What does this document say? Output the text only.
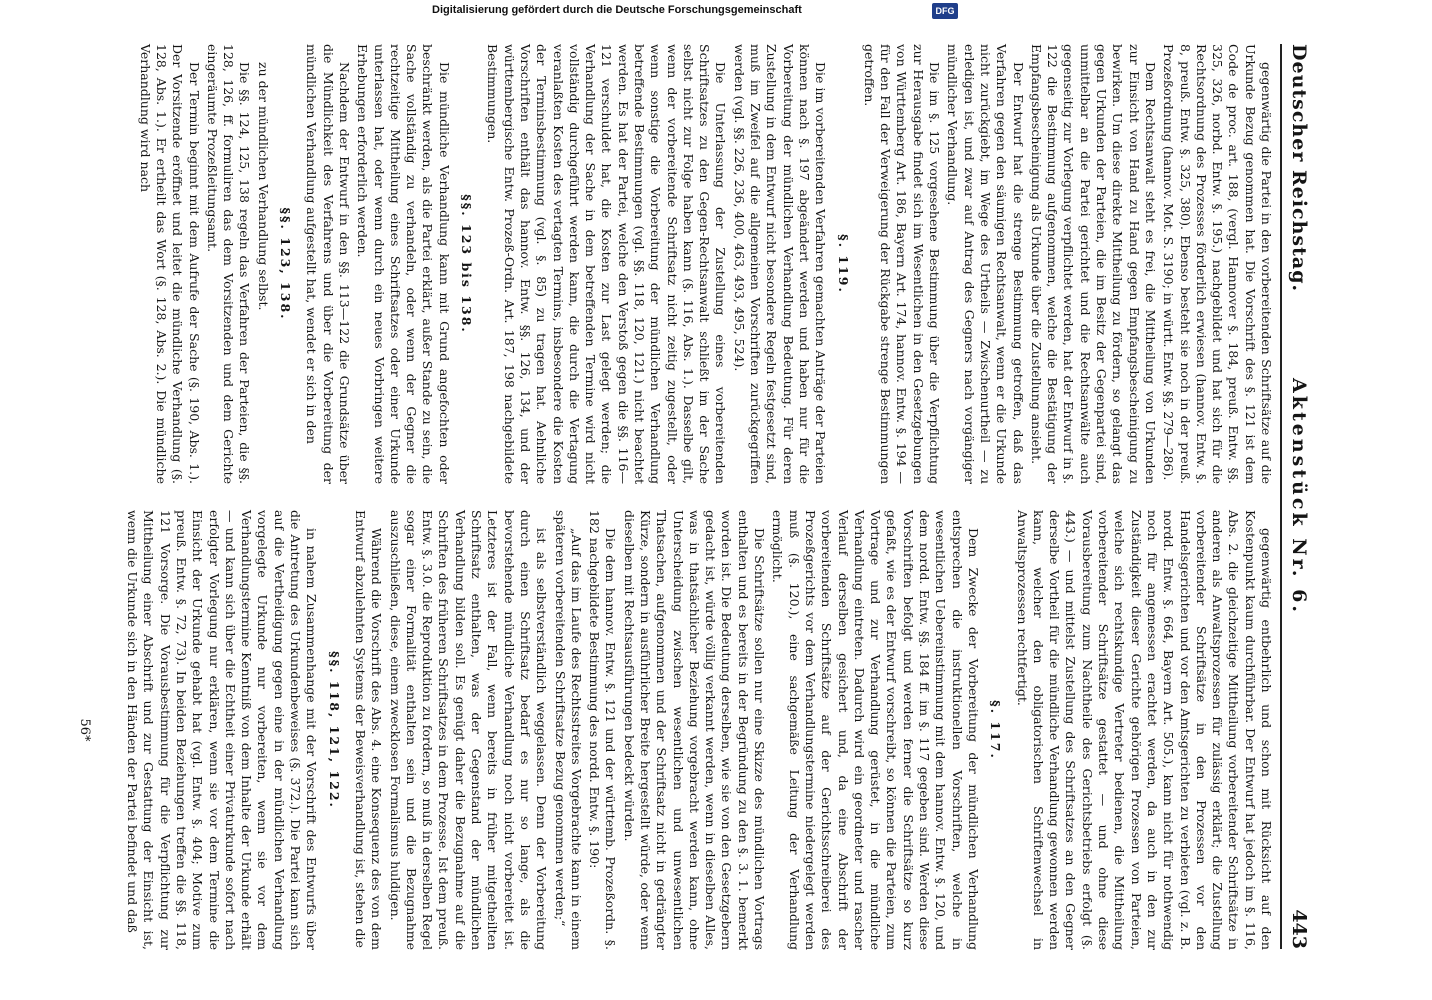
Deutscher Reichstag.
Aktenstück Nr. 6.
443

gegenwärtig die Partei in den vorbereitenden Schriftsätze auf die Urkunde Bezug genommen hat. Die Vorschrift des §. 121 ist dem Code de proc. art. 188, (vergl. Hannover §. 184, preuß. Entw. §§. 325, 326, norbd. Entw. §. 195.) nachgebildet und hat sich für die Rechtsordnung des Prozesses förderlich erwiesen (hannov. Entw. §. 8, preuß. Entw. §. 325, 380). Ebenso besteht sie noch in der preuß. Prozeßordnung (hannov. Mot. S. 3190; in württ. Entw. §§. 279—286).

Dem Rechtsanwalt steht es frei, die Mittheilung von Urkunden zur Einsicht von Hand zu Hand gegen Empfangsbescheinigung zu bewirken. Um diese direkte Mittheilung zu fördern, so gelangt das gegen Urkunden der Parteien, die im Besitz der Gegenpartei sind, unmittelbar an die Partei gerichtet und die Rechtsanwälte auch gegenseitig zur Vorlegung verpflichtet werden, hat der Entwurf in §. 122 die Bestimmung aufgenommen, welche die Bestätigung der Empfangsbescheinigung als Urkunde über die Zustellung ansieht.

Der Entwurf hat die strenge Bestimmung getroffen, daß das Verfahren gegen den säumigen Rechtsanwalt, wenn er die Urkunde nicht zurückgiebt, im Wege des Urtheils — Zwischenurtheil — zu erledigen ist, und zwar auf Antrag des Gegners nach vorgängiger mündlicher Verhandlung.

Die im §. 125 vorgesehene Bestimmung über die Verpflichtung zur Herausgabe findet sich im Wesentlichen in den Gesetzgebungen von Württemberg Art. 186, Bayern Art. 174, hannov. Entw. §. 194 — für den Fall der Verweigerung der Rückgabe strenge Bestimmungen getroffen.

§. 119.

Die im vorbereitenden Verfahren gemachten Anträge der Parteien können nach §. 197 abgeändert werden und haben nur für die Vorbereitung der mündlichen Verhandlung Bedeutung. Für deren Zustellung in dem Entwurf nicht besondere Regeln festgesetzt sind, muß im Zweifel auf die allgemeinen Vorschriften zurückgegriffen werden (vgl. §§. 226, 236, 400, 463, 493, 495, 524).

Die Unterlassung der Zustellung eines vorbereitenden Schriftsatzes zu den Gegen-Rechtsanwalt schließt im der Sache selbst nicht zur Folge haben kann (§. 116, Abs. 1.). Dasselbe gilt, wenn der vorbereitende Schriftsatz nicht zeitig zugestellt, oder wenn sonstige die Vorbereitung der mündlichen Verhandlung betreffende Bestimmungen (vgl. §§. 118, 120, 121.) nicht beachtet werden. Es hat der Partei, welche den Verstoß gegen die §§. 116—121 verschuldet hat, die Kosten zur Last gelegt werden; die Verhandlung der Sache in dem betreffenden Termine wird nicht vollständig durchgeführt werden kann, die durch die Vertagung veranlaßten Kosten des vertagten Termins, insbesondere die Kosten der Terminsbestimmung (vgl. §. 85) zu tragen hat. Aehnliche Vorschriften enthält das hannov. Entw. §§. 126, 134, und der württembergische Entw. Prozeß-Ordn. Art. 187, 198 nachgebildete Bestimmungen.

§§. 123 bis 138.

Die mündliche Verhandlung kann mit Grund angefochten oder beschränkt werden, als die Partei erklärt, außer Stande zu sein, die Sache vollständig zu verhandeln, oder wenn der Gegner die rechtzeitige Mittheilung eines Schriftsatzes oder einer Urkunde unterlassen hat, oder wenn durch ein neues Vorbringen weitere Erhebungen erforderlich werden.

Nachdem der Entwurf in den §§. 113—122 die Grundsätze über die Mündlichkeit des Verfahrens und über die Vorbereitung der mündlichen Verhandlung aufgestellt hat, wendet er sich in den

§§. 123, 138.

zu der mündlichen Verhandlung selbst.

Die §§. 124, 125, 138 regeln das Verfahren der Parteien, die §§. 128, 126, ff. formuliren das dem Vorsitzenden und dem Gerichte eingeräumte Prozeßleitungsamt.

Der Termin beginnt mit dem Aufrufe der Sache (§. 190, Abs. 1.). Der Vorsitzende eröffnet und leitet die mündliche Verhandlung (§. 128, Abs. 1.). Er ertheilt das Wort (§. 128, Abs. 2.). Die mündliche Verhandlung wird nach

gegenwärtig entbehrlich und schon mit Rücksicht auf den Kostenpunkt kaum durchführbar. Der Entwurf hat jedoch im §. 116, Abs. 2. die gleichzeitige Mittheilung vorbereitender Schriftsätze in anderen als Anwaltsprozessen für zulässig erklärt; die Zustellung vorbereitender Schriftsätze in den Prozessen vor den Handelsgerichten und vor den Amtsgerichten zu verbieten (vgl. z. B. nordd. Entw. §. 664, Bayern Art. 505.), kann nicht für nothwendig noch für angemessen erachtet werden, da auch in den zur Zuständigkeit dieser Gerichte gehörigen Prozessen von Parteien, welche sich rechtskundige Vertreter bedienen, die Mittheilung vorbereitender Schriftsätze gestattet — und ohne diese Vorausbereitung zum Nachtheile des Gerichtsbetriebs erfolgt (§. 443.) — und mittelst Zustellung des Schriftsatzes an den Gegner derselbe Vortheil für die mündliche Verhandlung gewonnen werden kann, welcher den obligatorischen Schriftenwechsel in Anwaltsprozessen rechtfertigt.

§. 117.

Dem Zwecke der Vorbereitung der mündlichen Verhandlung entsprechen die instruktionellen Vorschriften, welche in wesentlichen Uebereinstimmung mit dem hannov. Entw. §. 120, und dem nordd. Entw. §§. 184 ff. im §. 117 gegeben sind. Werden diese Vorschriften befolgt und werden ferner die Schriftsätze so kurz gefaßt, wie es der Entwurf vorschreibt, so können die Parteien, zum Vortrage und zur Verhandlung gerüstet, in die mündliche Verhandlung eintreten. Dadurch wird ein geordneter und rascher Verlauf derselben gesichert und, da eine Abschrift der vorbereitenden Schriftsätze auf der Gerichtsschreiberei des Prozeßgerichts vor dem Verhandlungstermine niedergelegt werden muß (§. 120.), eine sachgemäße Leitung der Verhandlung ermöglicht.

Die Schriftsätze sollen nur eine Skizze des mündlichen Vortrags enthalten und es bereits in der Begründung zu den §. 3. 1. bemerkt worden ist. Die Bedeutung derselben, wie sie von den Gesetzgebern gedacht ist, würde völlig verkannt werden, wenn in dieselben Alles, was in thatsächlicher Beziehung vorgebracht werden kann, ohne Unterscheidung zwischen wesentlichen und unwesentlichen Thatsachen, aufgenommen und der Schriftsatz nicht in gedrängter Kürze, sondern in ausführlicher Breite hergestellt würde, oder wenn dieselben mit Rechtsausführungen bedeckt würden.

Die dem hannov. Entw. §. 121 und der württemb. Prozeßordn. §. 182 nachgebildete Bestimmung des nordd. Entw. §. 190:

„Auf das im Laufe des Rechtsstreites Vorgebrachte kann in einem späteren vorbereitenden Schriftsatze Bezug genommen werden;“

ist als selbstverständlich weggelassen. Denn der Vorbereitung durch einen Schriftsatz bedarf es nur so lange, als die bevorstehende mündliche Verhandlung noch nicht vorbereitet ist. Letzteres ist der Fall, wenn bereits in früher mitgetheilten Schriftsatz enthalten, was der Gegenstand der mündlichen Verhandlung bilden soll. Es genügt daher die Bezugnahme auf die Schriften des früheren Schriftsatzes in dem Prozesse. Ist dem preuß. Entw. §. 3.0. die Reproduktion zu fordern, so muß in derselben Regel sogar einer Formalität enthalten sein und die Bezugnahme auszuschließen, diese, einem zwecklosen Formalismus huldigen.

Während die Vorschrift des Abs. 4. eine Konsequenz des von dem Entwurf abzulehnten Systems der Beweisverhandlung ist, stehen die

§§. 118, 121, 122.

in nahem Zusammenhange mit der Vorschrift des Entwurfs über die Antretung des Urkundenbeweises (§. 372.). Die Partei kann sich auf die Vertheidigung gegen eine in der mündlichen Verhandlung vorgelegte Urkunde nur vorbereiten, wenn sie vor dem Verhandlungstermine Kenntniß von dem Inhalte der Urkunde erhält — und kann sich über die Echtheit einer Privaturkunde sofort nach erfolgter Vorlegung nur erklären, wenn sie vor dem Termine die Einsicht der Urkunde gehabt hat (vgl. Entw. §. 404; Motive zum preuß. Entw. §. 72, 73). In beiden Beziehungen treffen die §§. 118, 121 Vorsorge. Die Vorausbestimmung für die Verpflichtung zur Mittheilung einer Abschrift und zur Gestattung der Einsicht ist, wenn die Urkunde sich in den Händen der Partei befindet und daß

56*
Digitalisierung gefördert durch die Deutsche Forschungsgemeinschaft	DFG
